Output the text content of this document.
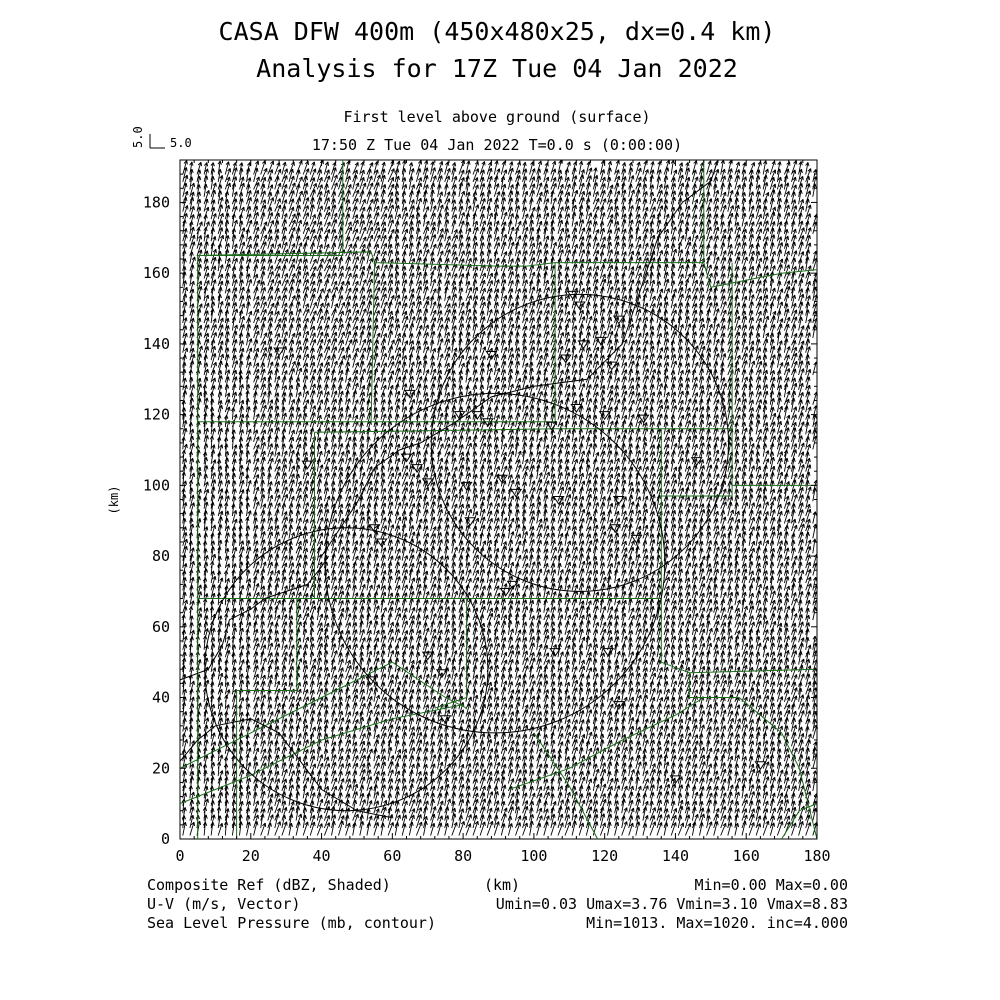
CASA DFW 400m (450x480x25, dx=0.4 km)
Analysis for 17Z Tue 04 Jan 2022
First level above ground (surface)
17:50 Z Tue 04 Jan 2022 T=0.0 s (0:00:00)
5.0 5.0
0	20	40	60	80	100	120	140	160	180
0
20
40
60
80
100
120
140
160
180
(km)
Composite Ref (dBZ, Shaded)
U-V (m/s, Vector)
Sea Level Pressure (mb, contour)
(km)	Min=0.00 Max=0.00
Umin=0.03 Umax=3.76 Vmin=3.10 Vmax=8.83
Min=1013. Max=1020. inc=4.000
